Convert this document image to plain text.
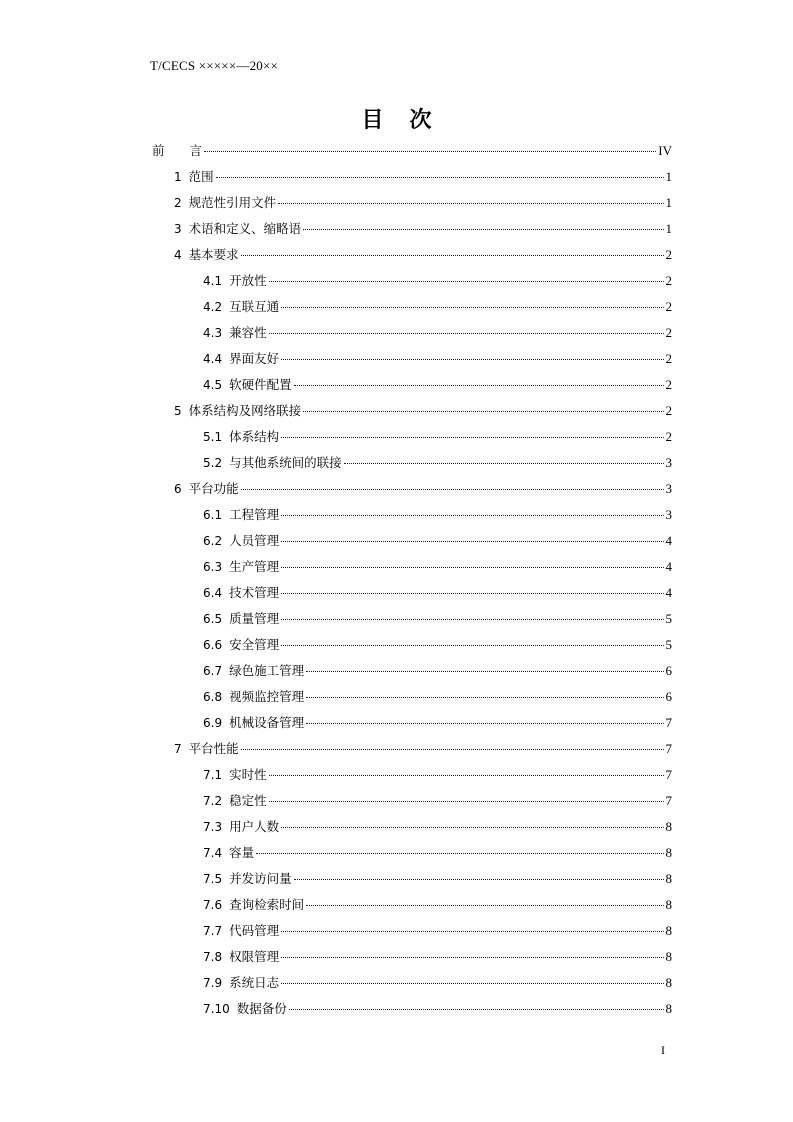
T/CECS ×××××—20××
目次
前　　言	IV
1 范围	1
2 规范性引用文件	1
3 术语和定义、缩略语	1
4 基本要求	2
4.1 开放性	2
4.2 互联互通	2
4.3 兼容性	2
4.4 界面友好	2
4.5 软硬件配置	2
5 体系结构及网络联接	2
5.1 体系结构	2
5.2 与其他系统间的联接	3
6 平台功能	3
6.1 工程管理	3
6.2 人员管理	4
6.3 生产管理	4
6.4 技术管理	4
6.5 质量管理	5
6.6 安全管理	5
6.7 绿色施工管理	6
6.8 视频监控管理	6
6.9 机械设备管理	7
7 平台性能	7
7.1 实时性	7
7.2 稳定性	7
7.3 用户人数	8
7.4 容量	8
7.5 并发访问量	8
7.6 查询检索时间	8
7.7 代码管理	8
7.8 权限管理	8
7.9 系统日志	8
7.10 数据备份	8
I
